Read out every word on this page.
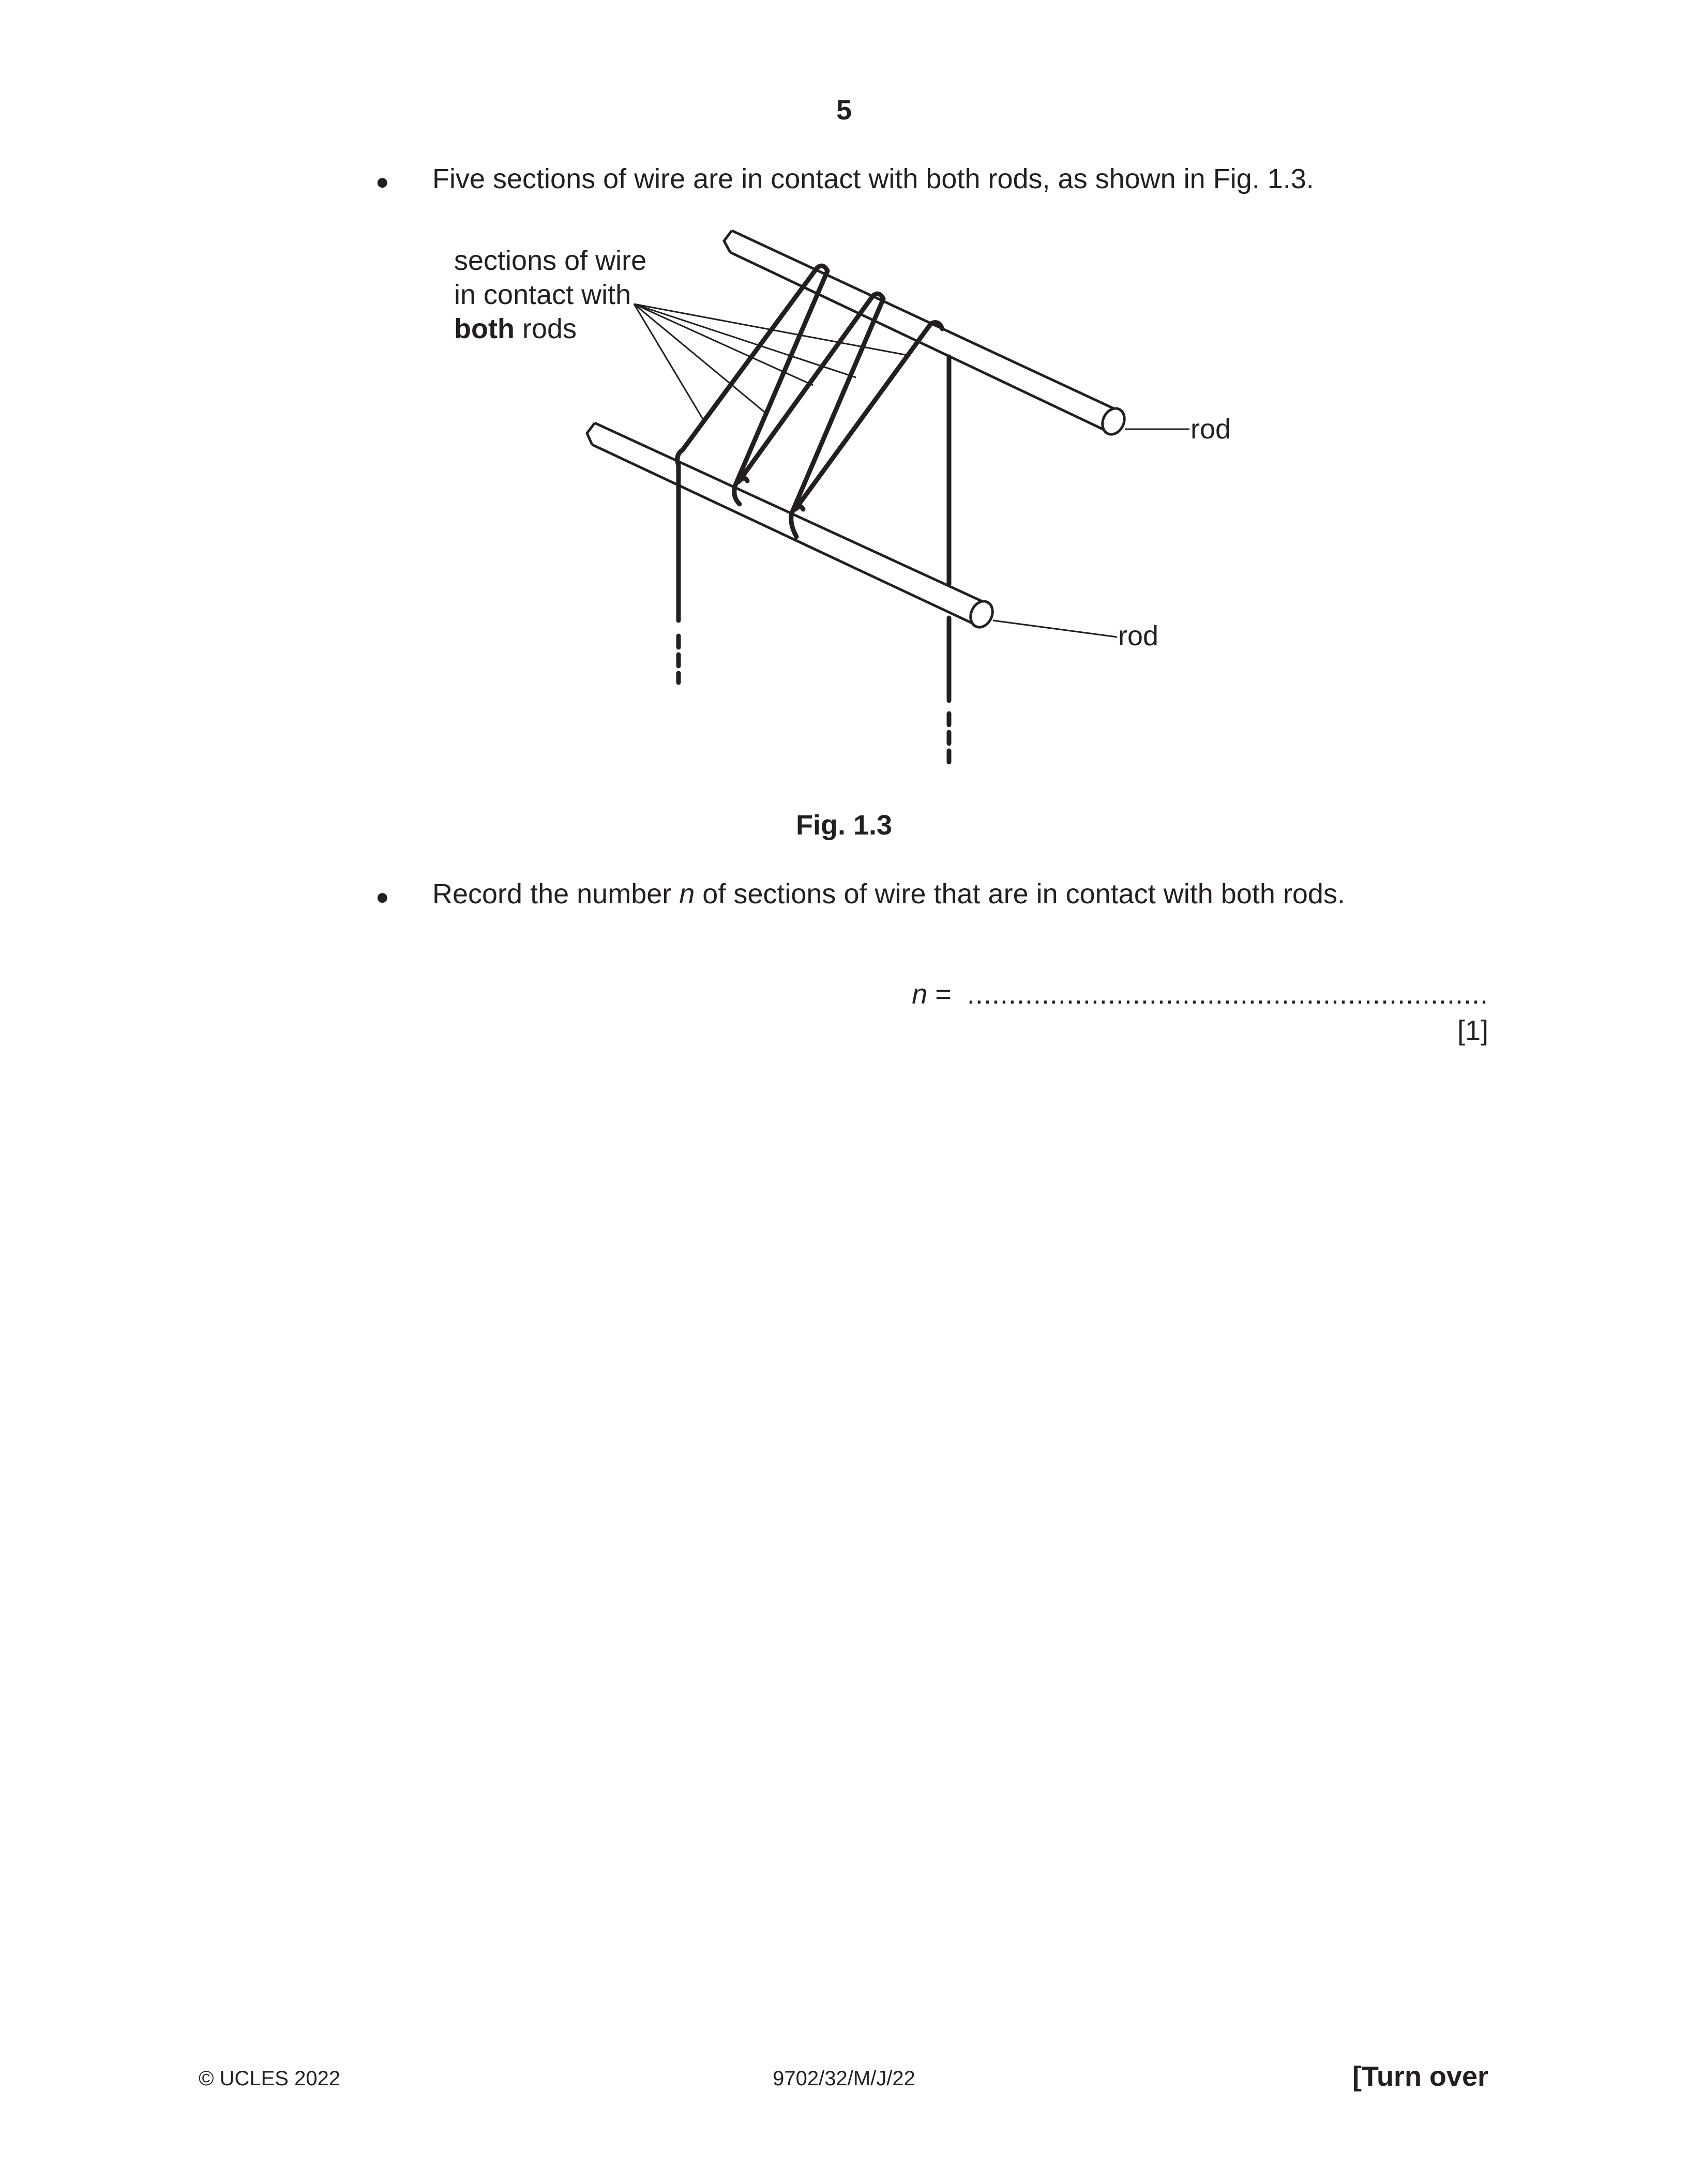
5
● Five sections of wire are in contact with both rods, as shown in Fig. 1.3.
sections of wire
in contact with
both rods
rod
rod
Fig. 1.3
● Record the number n of sections of wire that are in contact with both rods.
n =  ...............................................................
[1]
© UCLES 2022	9702/32/M/J/22	[Turn over
